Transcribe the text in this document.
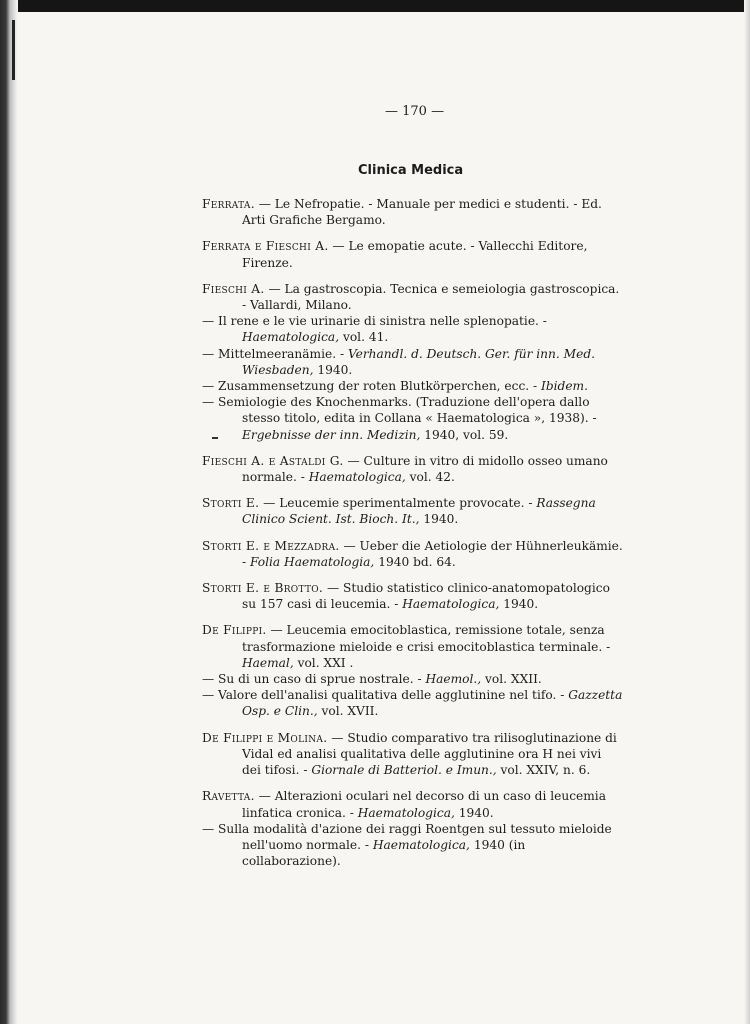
— 170 —
Clinica Medica

Ferrata. — Le Nefropatie. - Manuale per medici e studenti. - Ed. Arti Grafiche Bergamo.

Ferrata e Fieschi A. — Le emopatie acute. - Vallecchi Editore, Firenze.

Fieschi A. — La gastroscopia. Tecnica e semeiologia gastroscopica. - Vallardi, Milano.

— Il rene e le vie urinarie di sinistra nelle splenopatie. - Haematologica, vol. 41.

— Mittelmeeranämie. - Verhandl. d. Deutsch. Ger. für inn. Med. Wiesbaden, 1940.

— Zusammensetzung der roten Blutkörperchen, ecc. - Ibidem.

— Semiologie des Knochenmarks. (Traduzione dell'opera dallo stesso titolo, edita in Collana « Haematologica », 1938). - Ergebnisse der inn. Medizin, 1940, vol. 59.

Fieschi A. e Astaldi G. — Culture in vitro di midollo osseo umano normale. - Haematologica, vol. 42.

Storti E. — Leucemie sperimentalmente provocate. - Rassegna Clinico Scient. Ist. Bioch. It., 1940.

Storti E. e Mezzadra. — Ueber die Aetiologie der Hühnerleukämie. - Folia Haematologia, 1940 bd. 64.

Storti E. e Brotto. — Studio statistico clinico-anatomopatologico su 157 casi di leucemia. - Haematologica, 1940.

De Filippi. — Leucemia emocitoblastica, remissione totale, senza trasformazione mieloide e crisi emocitoblastica terminale. - Haemal, vol. XXI .

— Su di un caso di sprue nostrale. - Haemol., vol. XXII.

— Valore dell'analisi qualitativa delle agglutinine nel tifo. - Gazzetta Osp. e Clin., vol. XVII.

De Filippi e Molina. — Studio comparativo tra rilisoglutinazione di Vidal ed analisi qualitativa delle agglutinine ora H nei vivi dei tifosi. - Giornale di Batteriol. e Imun., vol. XXIV, n. 6.

Ravetta. — Alterazioni oculari nel decorso di un caso di leucemia linfatica cronica. - Haematologica, 1940.

— Sulla modalità d'azione dei raggi Roentgen sul tessuto mieloide nell'uomo normale. - Haematologica, 1940 (in collaborazione).
